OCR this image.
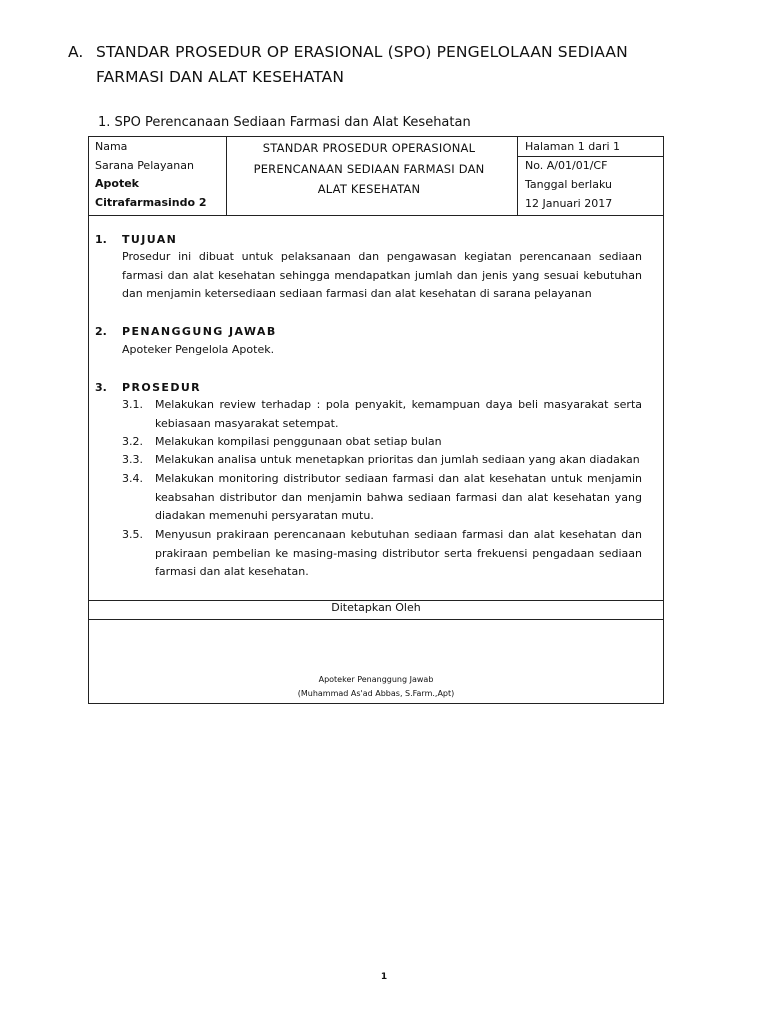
A. STANDAR PROSEDUR OP ERASIONAL (SPO) PENGELOLAAN SEDIAAN
FARMASI DAN ALAT KESEHATAN
1. SPO Perencanaan Sediaan Farmasi dan Alat Kesehatan
Nama
Sarana Pelayanan
Apotek
Citrafarmasindo 2
STANDAR PROSEDUR OPERASIONAL
PERENCANAAN SEDIAAN FARMASI DAN
ALAT KESEHATAN
Halaman 1 dari 1
No. A/01/01/CF
Tanggal berlaku
12 Januari 2017
1. TUJUAN
Prosedur ini dibuat untuk pelaksanaan dan pengawasan kegiatan perencanaan sediaan farmasi dan alat kesehatan sehingga mendapatkan jumlah dan jenis yang sesuai kebutuhan dan menjamin ketersediaan sediaan farmasi dan alat kesehatan di sarana pelayanan
2. PENANGGUNG JAWAB
Apoteker Pengelola Apotek.
3. PROSEDUR
3.1. Melakukan review terhadap : pola penyakit, kemampuan daya beli masyarakat serta kebiasaan masyarakat setempat.
3.2. Melakukan kompilasi penggunaan obat setiap bulan
3.3. Melakukan analisa untuk menetapkan prioritas dan jumlah sediaan yang akan diadakan
3.4. Melakukan monitoring distributor sediaan farmasi dan alat kesehatan untuk menjamin keabsahan distributor dan menjamin bahwa sediaan farmasi dan alat kesehatan yang diadakan memenuhi persyaratan mutu.
3.5. Menyusun prakiraan perencanaan kebutuhan sediaan farmasi dan alat kesehatan dan prakiraan pembelian ke masing-masing distributor serta frekuensi pengadaan sediaan farmasi dan alat kesehatan.
Ditetapkan Oleh
Apoteker Penanggung Jawab
(Muhammad As'ad Abbas, S.Farm.,Apt)
1
